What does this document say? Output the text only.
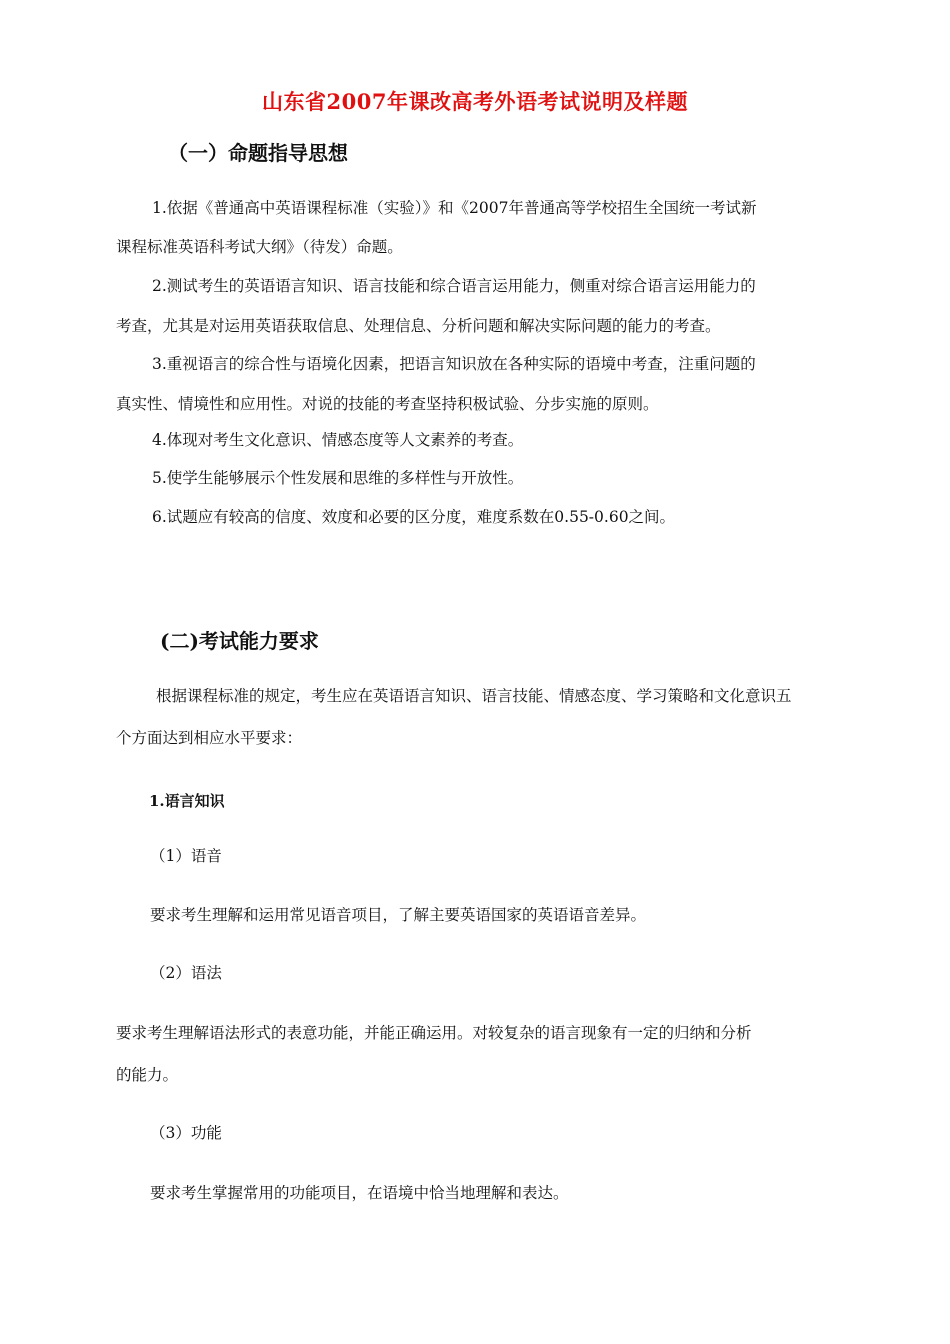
山东省2007年课改高考外语考试说明及样题
（一）命题指导思想
1.依据《普通高中英语课程标准（实验）》和《2007年普通高等学校招生全国统一考试新
课程标准英语科考试大纲》（待发）命题。
2.测试考生的英语语言知识、语言技能和综合语言运用能力，侧重对综合语言运用能力的
考查，尤其是对运用英语获取信息、处理信息、分析问题和解决实际问题的能力的考查。
3.重视语言的综合性与语境化因素，把语言知识放在各种实际的语境中考查，注重问题的
真实性、情境性和应用性。对说的技能的考查坚持积极试验、分步实施的原则。
4.体现对考生文化意识、情感态度等人文素养的考查。
5.使学生能够展示个性发展和思维的多样性与开放性。
6.试题应有较高的信度、效度和必要的区分度，难度系数在0.55-0.60之间。
(二)考试能力要求
根据课程标准的规定，考生应在英语语言知识、语言技能、情感态度、学习策略和文化意识五
个方面达到相应水平要求：
1.语言知识
（1）语音
要求考生理解和运用常见语音项目，了解主要英语国家的英语语音差异。
（2）语法
要求考生理解语法形式的表意功能，并能正确运用。对较复杂的语言现象有一定的归纳和分析
的能力。
（3）功能
要求考生掌握常用的功能项目，在语境中恰当地理解和表达。
